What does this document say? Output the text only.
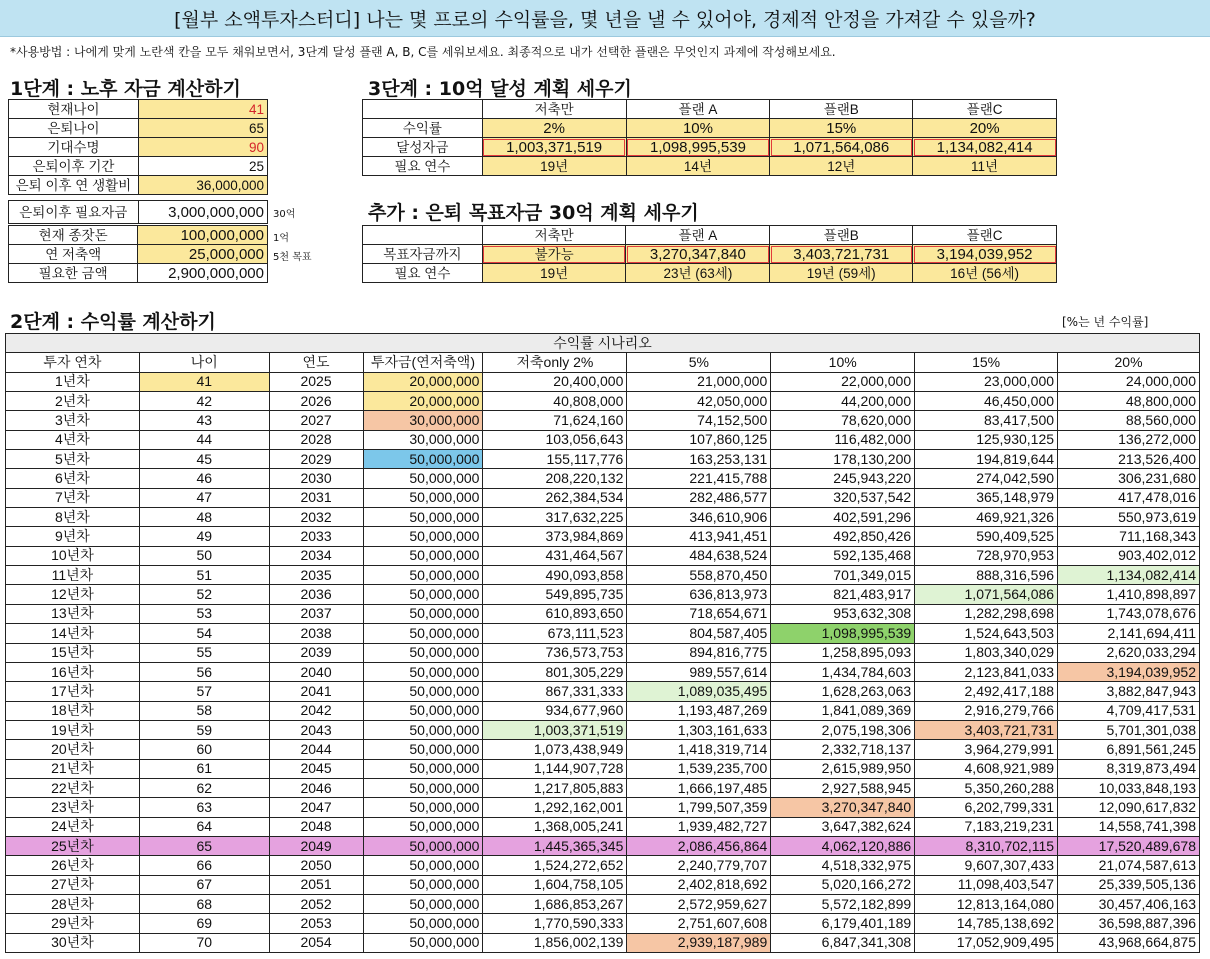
[월부 소액투자스터디] 나는 몇 프로의 수익률을, 몇 년을 낼 수 있어야, 경제적 안정을 가져갈 수 있을까?
*사용방법 : 나에게 맞게 노란색 칸을 모두 채워보면서, 3단계 달성 플랜 A, B, C를 세워보세요. 최종적으로 내가 선택한 플랜은 무엇인지 과제에 작성해보세요.
1단계 : 노후 자금 계산하기
현재나이	41
은퇴나이	65
기대수명	90
은퇴이후 기간	25
은퇴 이후 연 생활비	36,000,000
은퇴이후 필요자금	3,000,000,000 30억
현재 종잣돈	100,000,000
연 저축액	25,000,000
필요한 금액	2,900,000,000
1억
5천 목표
3단계 : 10억 달성 계획 세우기
	저축만	플랜 A	플랜B	플랜C
수익률	2%	10%	15%	20%
달성자금	1,003,371,519	1,098,995,539	1,071,564,086	1,134,082,414
필요 연수	19년	14년	12년	11년
추가 : 은퇴 목표자금 30억 계획 세우기
	저축만	플랜 A	플랜B	플랜C
목표자금까지	불가능	3,270,347,840	3,403,721,731	3,194,039,952
필요 연수	19년	23년 (63세)	19년 (59세)	16년 (56세)
2단계 : 수익률 계산하기	[%는 년 수익률]
수익률 시나리오								
투자 연차	나이	연도	투자금(연저축액)	저축only 2%	5%	10%	15%	20%
1년차	41	2025	20,000,000	20,400,000	21,000,000	22,000,000	23,000,000	24,000,000
2년차	42	2026	20,000,000	40,808,000	42,050,000	44,200,000	46,450,000	48,800,000
3년차	43	2027	30,000,000	71,624,160	74,152,500	78,620,000	83,417,500	88,560,000
4년차	44	2028	30,000,000	103,056,643	107,860,125	116,482,000	125,930,125	136,272,000
5년차	45	2029	50,000,000	155,117,776	163,253,131	178,130,200	194,819,644	213,526,400
6년차	46	2030	50,000,000	208,220,132	221,415,788	245,943,220	274,042,590	306,231,680
7년차	47	2031	50,000,000	262,384,534	282,486,577	320,537,542	365,148,979	417,478,016
8년차	48	2032	50,000,000	317,632,225	346,610,906	402,591,296	469,921,326	550,973,619
9년차	49	2033	50,000,000	373,984,869	413,941,451	492,850,426	590,409,525	711,168,343
10년차	50	2034	50,000,000	431,464,567	484,638,524	592,135,468	728,970,953	903,402,012
11년차	51	2035	50,000,000	490,093,858	558,870,450	701,349,015	888,316,596	1,134,082,414
12년차	52	2036	50,000,000	549,895,735	636,813,973	821,483,917	1,071,564,086	1,410,898,897
13년차	53	2037	50,000,000	610,893,650	718,654,671	953,632,308	1,282,298,698	1,743,078,676
14년차	54	2038	50,000,000	673,111,523	804,587,405	1,098,995,539	1,524,643,503	2,141,694,411
15년차	55	2039	50,000,000	736,573,753	894,816,775	1,258,895,093	1,803,340,029	2,620,033,294
16년차	56	2040	50,000,000	801,305,229	989,557,614	1,434,784,603	2,123,841,033	3,194,039,952
17년차	57	2041	50,000,000	867,331,333	1,089,035,495	1,628,263,063	2,492,417,188	3,882,847,943
18년차	58	2042	50,000,000	934,677,960	1,193,487,269	1,841,089,369	2,916,279,766	4,709,417,531
19년차	59	2043	50,000,000	1,003,371,519	1,303,161,633	2,075,198,306	3,403,721,731	5,701,301,038
20년차	60	2044	50,000,000	1,073,438,949	1,418,319,714	2,332,718,137	3,964,279,991	6,891,561,245
21년차	61	2045	50,000,000	1,144,907,728	1,539,235,700	2,615,989,950	4,608,921,989	8,319,873,494
22년차	62	2046	50,000,000	1,217,805,883	1,666,197,485	2,927,588,945	5,350,260,288	10,033,848,193
23년차	63	2047	50,000,000	1,292,162,001	1,799,507,359	3,270,347,840	6,202,799,331	12,090,617,832
24년차	64	2048	50,000,000	1,368,005,241	1,939,482,727	3,647,382,624	7,183,219,231	14,558,741,398
25년차	65	2049	50,000,000	1,445,365,345	2,086,456,864	4,062,120,886	8,310,702,115	17,520,489,678
26년차	66	2050	50,000,000	1,524,272,652	2,240,779,707	4,518,332,975	9,607,307,433	21,074,587,613
27년차	67	2051	50,000,000	1,604,758,105	2,402,818,692	5,020,166,272	11,098,403,547	25,339,505,136
28년차	68	2052	50,000,000	1,686,853,267	2,572,959,627	5,572,182,899	12,813,164,080	30,457,406,163
29년차	69	2053	50,000,000	1,770,590,333	2,751,607,608	6,179,401,189	14,785,138,692	36,598,887,396
30년차	70	2054	50,000,000	1,856,002,139	2,939,187,989	6,847,341,308	17,052,909,495	43,968,664,875
